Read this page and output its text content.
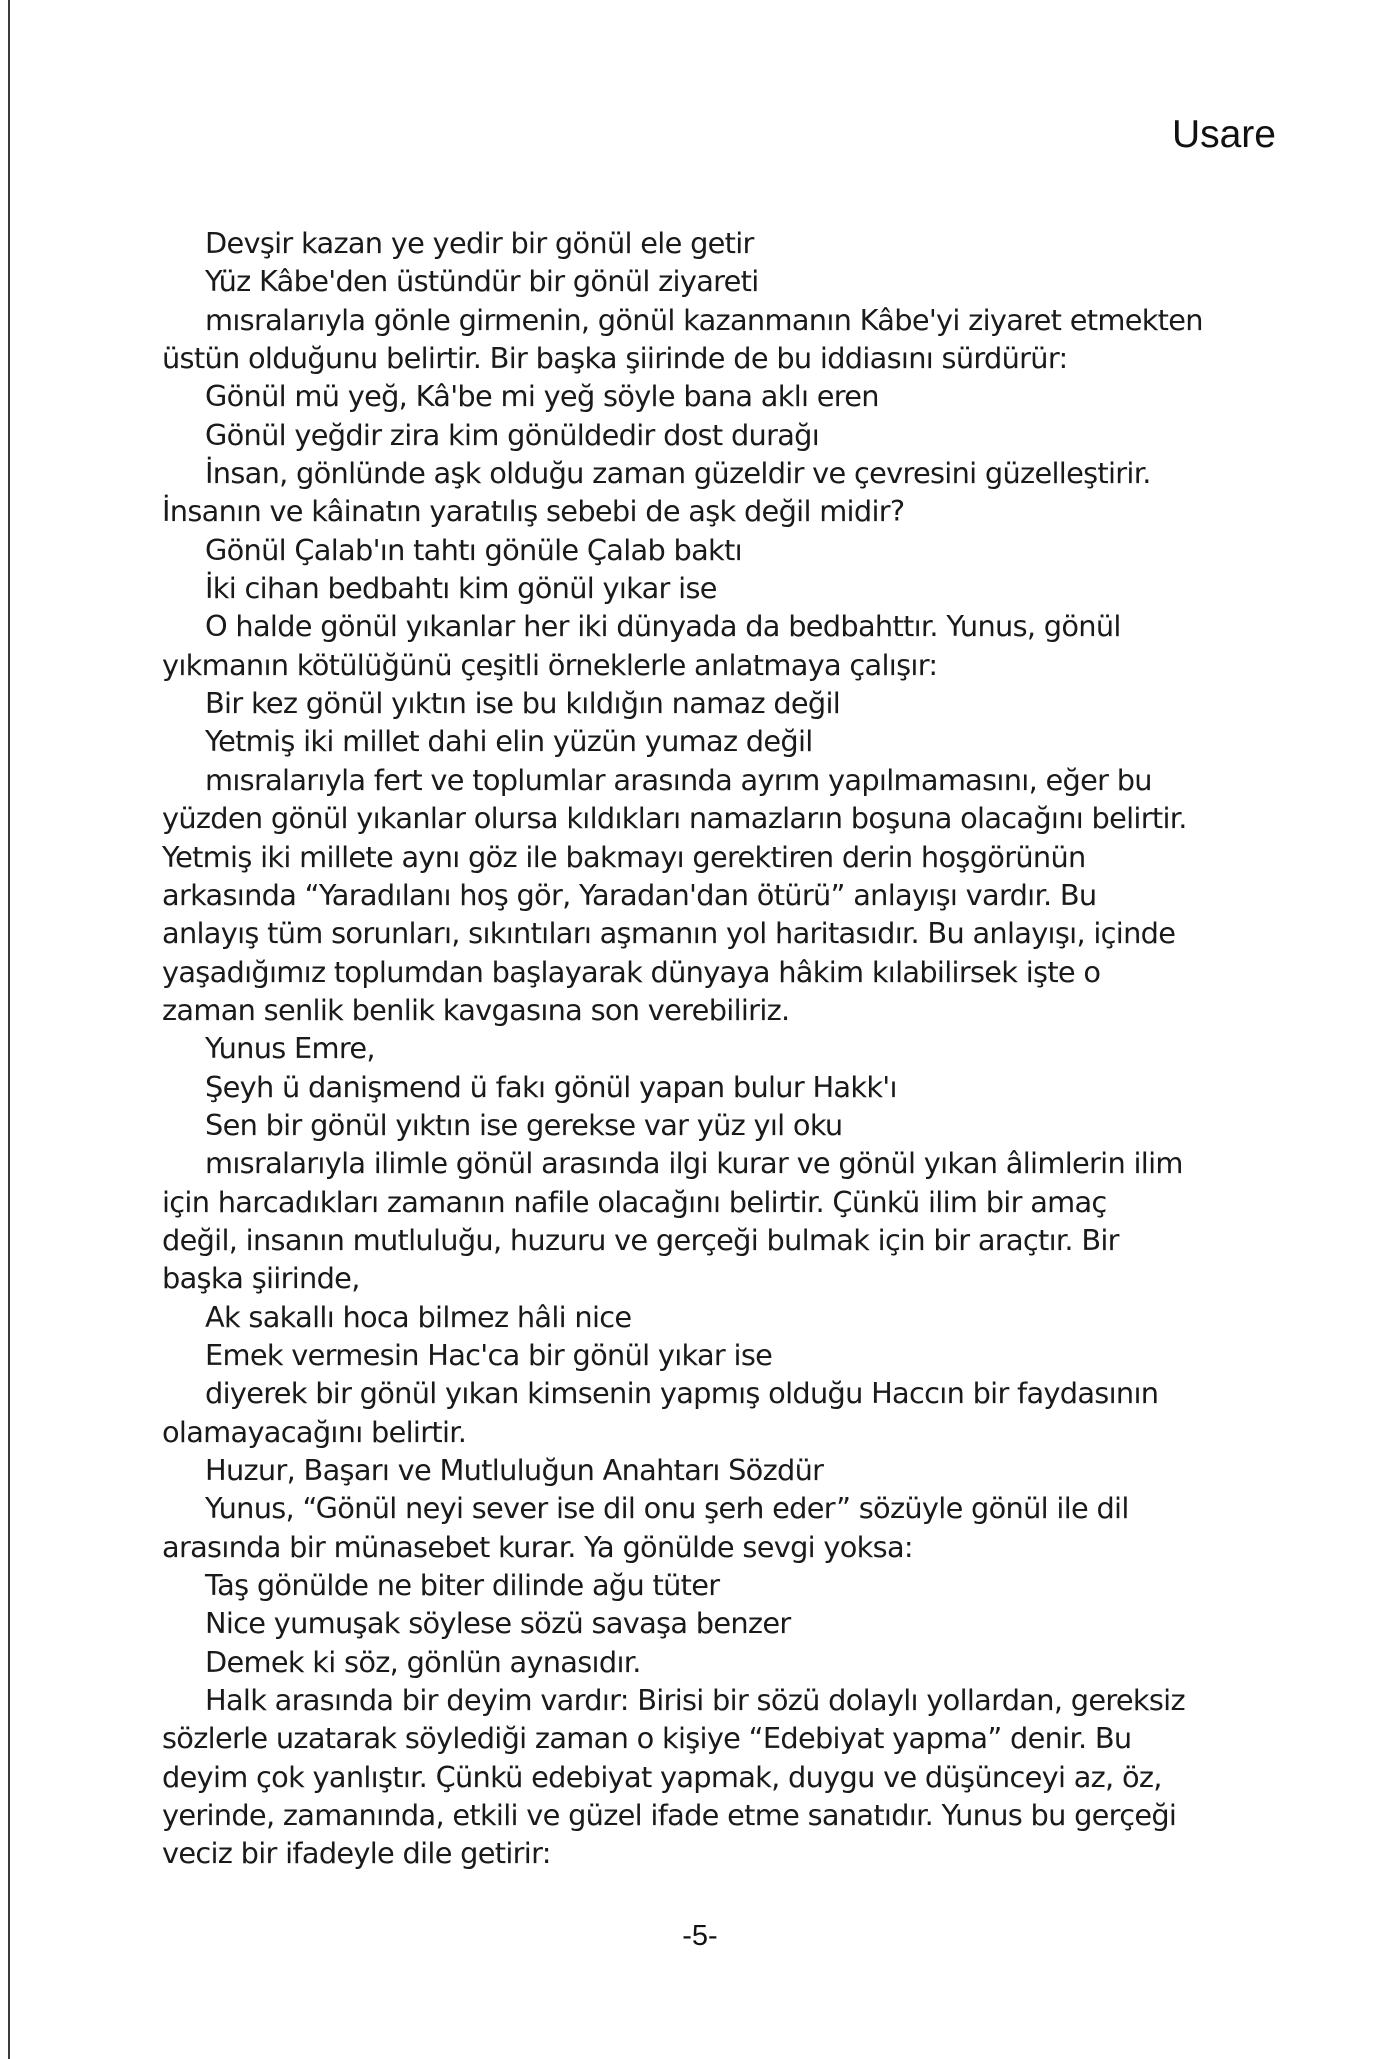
Usare
Devşir kazan ye yedir bir gönül ele getir
Yüz Kâbe'den üstündür bir gönül ziyareti
mısralarıyla gönle girmenin, gönül kazanmanın Kâbe'yi ziyaret etmekten
üstün olduğunu belirtir. Bir başka şiirinde de bu iddiasını sürdürür:
Gönül mü yeğ, Kâ'be mi yeğ söyle bana aklı eren
Gönül yeğdir zira kim gönüldedir dost durağı
İnsan, gönlünde aşk olduğu zaman güzeldir ve çevresini güzelleştirir.
İnsanın ve kâinatın yaratılış sebebi de aşk değil midir?
Gönül Çalab'ın tahtı gönüle Çalab baktı
İki cihan bedbahtı kim gönül yıkar ise
O halde gönül yıkanlar her iki dünyada da bedbahttır. Yunus, gönül
yıkmanın kötülüğünü çeşitli örneklerle anlatmaya çalışır:
Bir kez gönül yıktın ise bu kıldığın namaz değil
Yetmiş iki millet dahi elin yüzün yumaz değil
mısralarıyla fert ve toplumlar arasında ayrım yapılmamasını, eğer bu
yüzden gönül yıkanlar olursa kıldıkları namazların boşuna olacağını belirtir.
Yetmiş iki millete aynı göz ile bakmayı gerektiren derin hoşgörünün
arkasında “Yaradılanı hoş gör, Yaradan'dan ötürü” anlayışı vardır. Bu
anlayış tüm sorunları, sıkıntıları aşmanın yol haritasıdır. Bu anlayışı, içinde
yaşadığımız toplumdan başlayarak dünyaya hâkim kılabilirsek işte o
zaman senlik benlik kavgasına son verebiliriz.
Yunus Emre,
Şeyh ü danişmend ü fakı gönül yapan bulur Hakk'ı
Sen bir gönül yıktın ise gerekse var yüz yıl oku
mısralarıyla ilimle gönül arasında ilgi kurar ve gönül yıkan âlimlerin ilim
için harcadıkları zamanın nafile olacağını belirtir. Çünkü ilim bir amaç
değil, insanın mutluluğu, huzuru ve gerçeği bulmak için bir araçtır. Bir
başka şiirinde,
Ak sakallı hoca bilmez hâli nice
Emek vermesin Hac'ca bir gönül yıkar ise
diyerek bir gönül yıkan kimsenin yapmış olduğu Haccın bir faydasının
olamayacağını belirtir.
Huzur, Başarı ve Mutluluğun Anahtarı Sözdür
Yunus, “Gönül neyi sever ise dil onu şerh eder” sözüyle gönül ile dil
arasında bir münasebet kurar. Ya gönülde sevgi yoksa:
Taş gönülde ne biter dilinde ağu tüter
Nice yumuşak söylese sözü savaşa benzer
Demek ki söz, gönlün aynasıdır.
Halk arasında bir deyim vardır: Birisi bir sözü dolaylı yollardan, gereksiz
sözlerle uzatarak söylediği zaman o kişiye “Edebiyat yapma” denir. Bu
deyim çok yanlıştır. Çünkü edebiyat yapmak, duygu ve düşünceyi az, öz,
yerinde, zamanında, etkili ve güzel ifade etme sanatıdır. Yunus bu gerçeği
veciz bir ifadeyle dile getirir:
-5-
